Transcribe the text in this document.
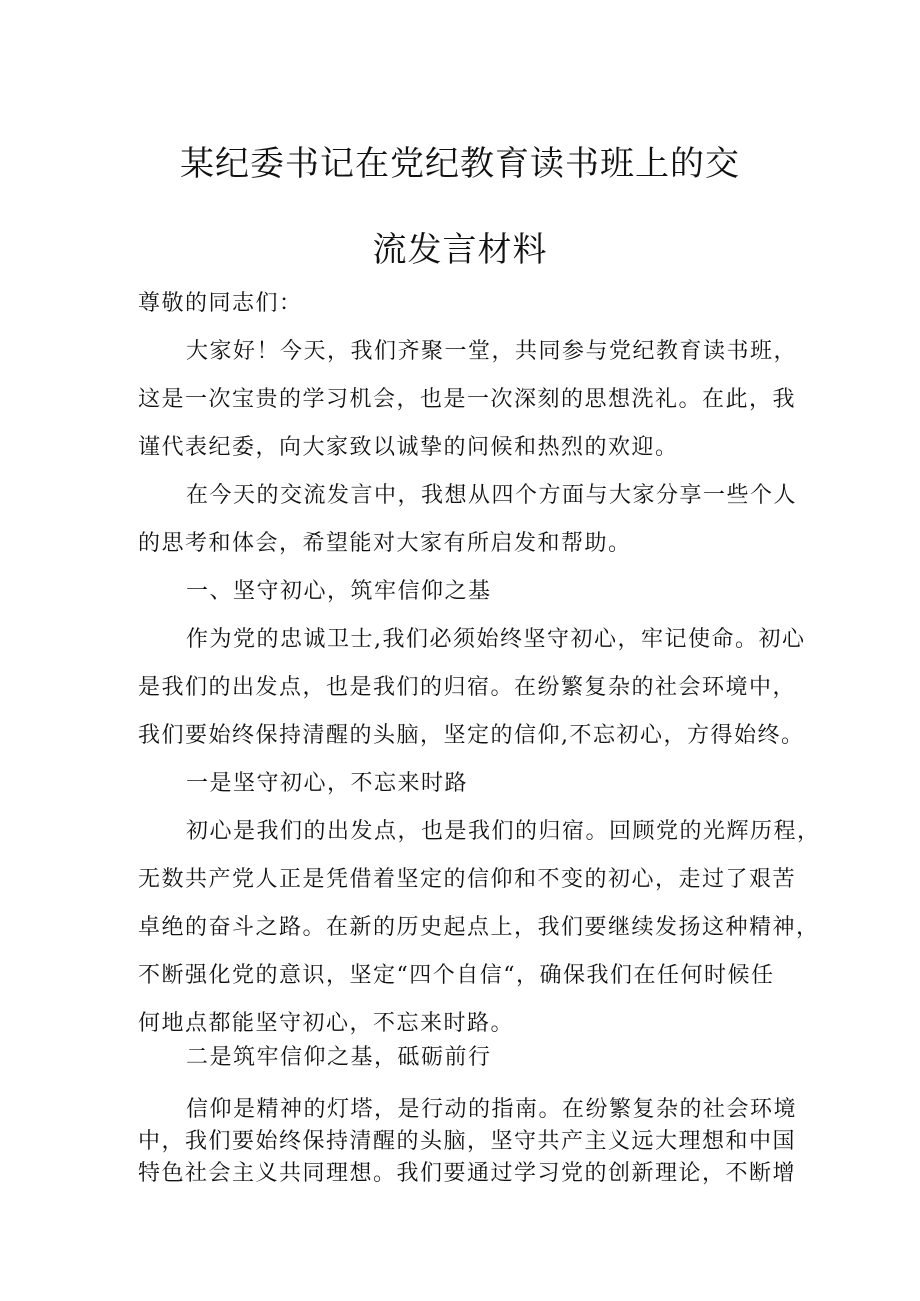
某纪委书记在党纪教育读书班上的交
流发言材料

尊敬的同志们：

大家好！今天，我们齐聚一堂，共同参与党纪教育读书班，

这是一次宝贵的学习机会，也是一次深刻的思想洗礼。在此，我

谨代表纪委，向大家致以诚挚的问候和热烈的欢迎。

在今天的交流发言中，我想从四个方面与大家分享一些个人

的思考和体会，希望能对大家有所启发和帮助。

一、坚守初心，筑牢信仰之基

作为党的忠诚卫士,我们必须始终坚守初心，牢记使命。初心

是我们的出发点，也是我们的归宿。在纷繁复杂的社会环境中，

我们要始终保持清醒的头脑，坚定的信仰,不忘初心，方得始终。

一是坚守初心，不忘来时路

初心是我们的出发点，也是我们的归宿。回顾党的光辉历程，

无数共产党人正是凭借着坚定的信仰和不变的初心，走过了艰苦

卓绝的奋斗之路。在新的历史起点上，我们要继续发扬这种精神，

不断强化党的意识，坚定“四个自信“，确保我们在任何时候任

何地点都能坚守初心，不忘来时路。

二是筑牢信仰之基，砥砺前行

信仰是精神的灯塔，是行动的指南。在纷繁复杂的社会环境

中，我们要始终保持清醒的头脑，坚守共产主义远大理想和中国

特色社会主义共同理想。我们要通过学习党的创新理论，不断增
